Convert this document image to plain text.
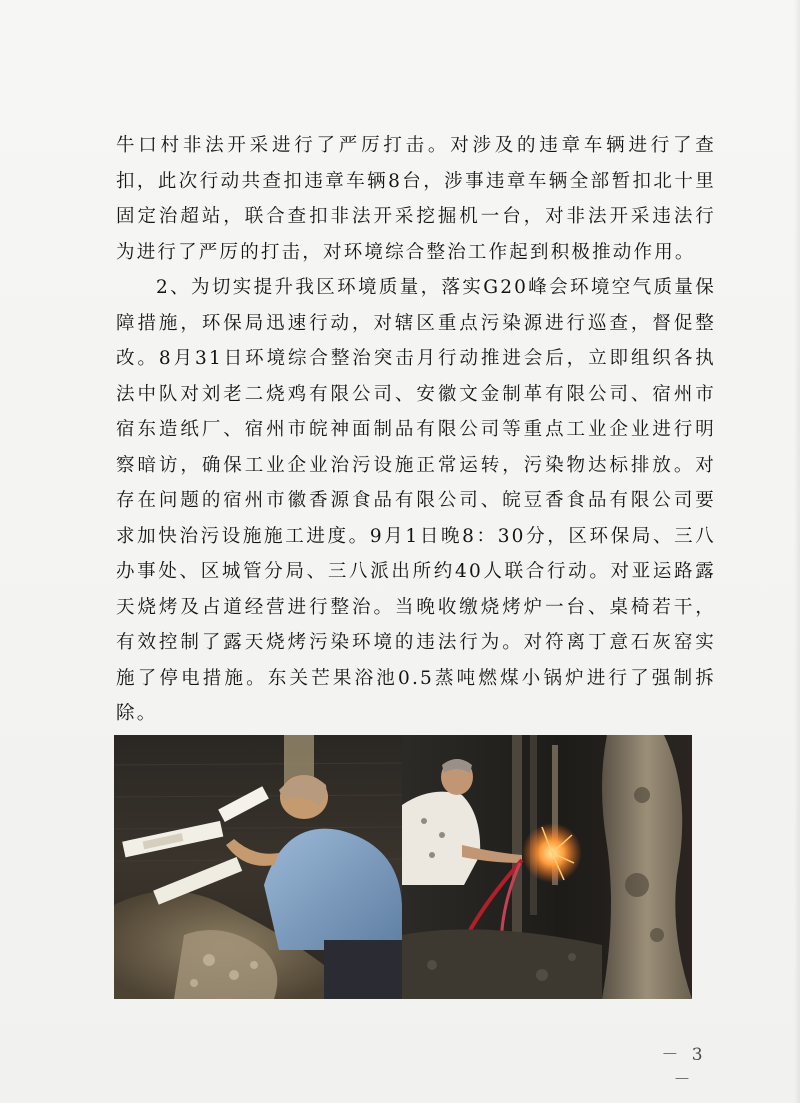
牛口村非法开采进行了严厉打击。对涉及的违章车辆进行了查扣，此次行动共查扣违章车辆8台，涉事违章车辆全部暂扣北十里固定治超站，联合查扣非法开采挖掘机一台，对非法开采违法行为进行了严厉的打击，对环境综合整治工作起到积极推动作用。

2、为切实提升我区环境质量，落实G20峰会环境空气质量保障措施，环保局迅速行动，对辖区重点污染源进行巡查，督促整改。8月31日环境综合整治突击月行动推进会后，立即组织各执法中队对刘老二烧鸡有限公司、安徽文金制革有限公司、宿州市宿东造纸厂、宿州市皖神面制品有限公司等重点工业企业进行明察暗访，确保工业企业治污设施正常运转，污染物达标排放。对存在问题的宿州市徽香源食品有限公司、皖豆香食品有限公司要求加快治污设施施工进度。9月1日晚8：30分，区环保局、三八办事处、区城管分局、三八派出所约40人联合行动。对亚运路露天烧烤及占道经营进行整治。当晚收缴烧烤炉一台、桌椅若干，有效控制了露天烧烤污染环境的违法行为。对符离丁意石灰窑实施了停电措施。东关芒果浴池0.5蒸吨燃煤小锅炉进行了强制拆除。

－ 3 －
